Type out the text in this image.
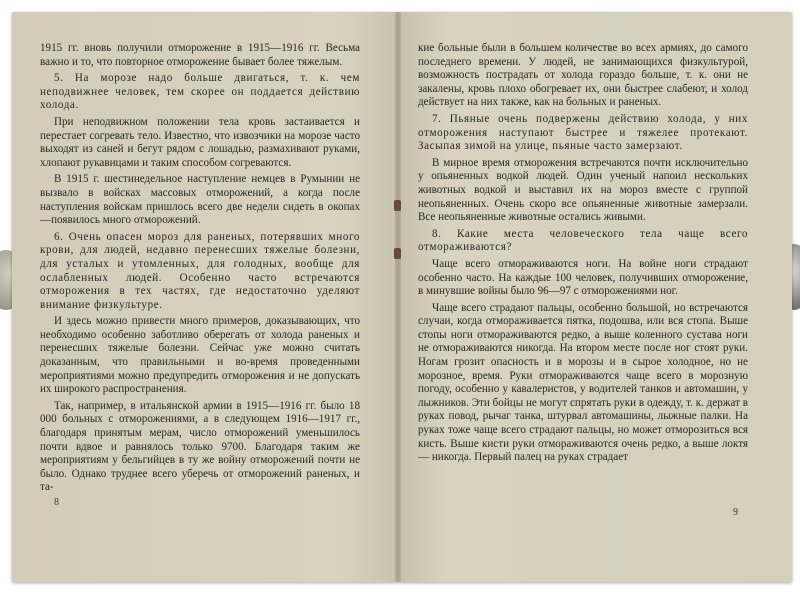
1915 гг. вновь получили отморожение в 1915—1916 гг. Весьма важно и то, что повторное отморожение бывает более тяжелым.

5. На морозе надо больше двигаться, т. к. чем неподвижнее человек, тем скорее он поддается действию холода.

При неподвижном положении тела кровь застаивается и перестает согревать тело. Известно, что извозчики на морозе часто выходят из саней и бегут рядом с лошадью, размахивают руками, хлопают рукавицами и таким способом согреваются.

В 1915 г. шестинедельное наступление немцев в Румынии не вызвало в войсках массовых отморожений, а когда после наступления войскам пришлось всего две недели сидеть в окопах—появилось много отморожений.

6. Очень опасен мороз для раненых, потерявших много крови, для людей, недавно перенесших тяжелые болезни, для усталых и утомленных, для голодных, вообще для ослабленных людей. Особенно часто встречаются отморожения в тех частях, где недостаточно уделяют внимание физкультуре.

И здесь можно привести много примеров, доказывающих, что необходимо особенно заботливо оберегать от холода раненых и перенесших тяжелые болезни. Сейчас уже можно считать доказанным, что правильными и во-время проведенными мероприятиями можно предупредить отморожения и не допускать их широкого распространения.

Так, например, в итальянской армии в 1915—1916 гг. было 18 000 больных с отморожениями, а в следующем 1916—1917 гг., благодаря принятым мерам, число отморожений уменьшилось почти вдвое и равнялось только 9700. Благодаря таким же мероприятиям у бельгийцев в ту же войну отморожений почти не было. Однако труднее всего уберечь от отморожений раненых, и та-

8

кие больные были в большем количестве во всех армиях, до самого последнего времени. У людей, не занимающихся физкультурой, возможность пострадать от холода гораздо больше, т. к. они не закалены, кровь плохо обогревает их, они быстрее слабеют, и холод действует на них также, как на больных и раненых.

7. Пьяные очень подвержены действию холода, у них отморожения наступают быстрее и тяжелее протекают. Засыпая зимой на улице, пьяные часто замерзают.

В мирное время отморожения встречаются почти исключительно у опьяненных водкой людей. Один ученый напоил нескольких животных водкой и выставил их на мороз вместе с группой неопьяненных. Очень скоро все опьяненные животные замерзали. Все неопьяненные животные остались живыми.

8. Какие места человеческого тела чаще всего отмораживаются?

Чаще всего отмораживаются ноги. На войне ноги страдают особенно часто. На каждые 100 человек, получивших отморожение, в минувшие войны было 96—97 с отморожениями ног.

Чаще всего страдают пальцы, особенно большой, но встречаются случаи, когда отмораживается пятка, подошва, или вся стопа. Выше стопы ноги отмораживаются редко, а выше коленного сустава ноги не отмораживаются никогда. На втором месте после ног стоят руки. Ногам грозит опасность и в морозы и в сырое холодное, но не морозное, время. Руки отмораживаются чаще всего в морозную погоду, особенно у кавалеристов, у водителей танков и автомашин, у лыжников. Эти бойцы не могут спрятать руки в одежду, т. к. держат в руках повод, рычаг танка, штурвал автомашины, лыжные палки. На руках тоже чаще всего страдают пальцы, но может отморозиться вся кисть. Выше кисти руки отмораживаются очень редко, а выше локтя — никогда. Первый палец на руках страдает

9
